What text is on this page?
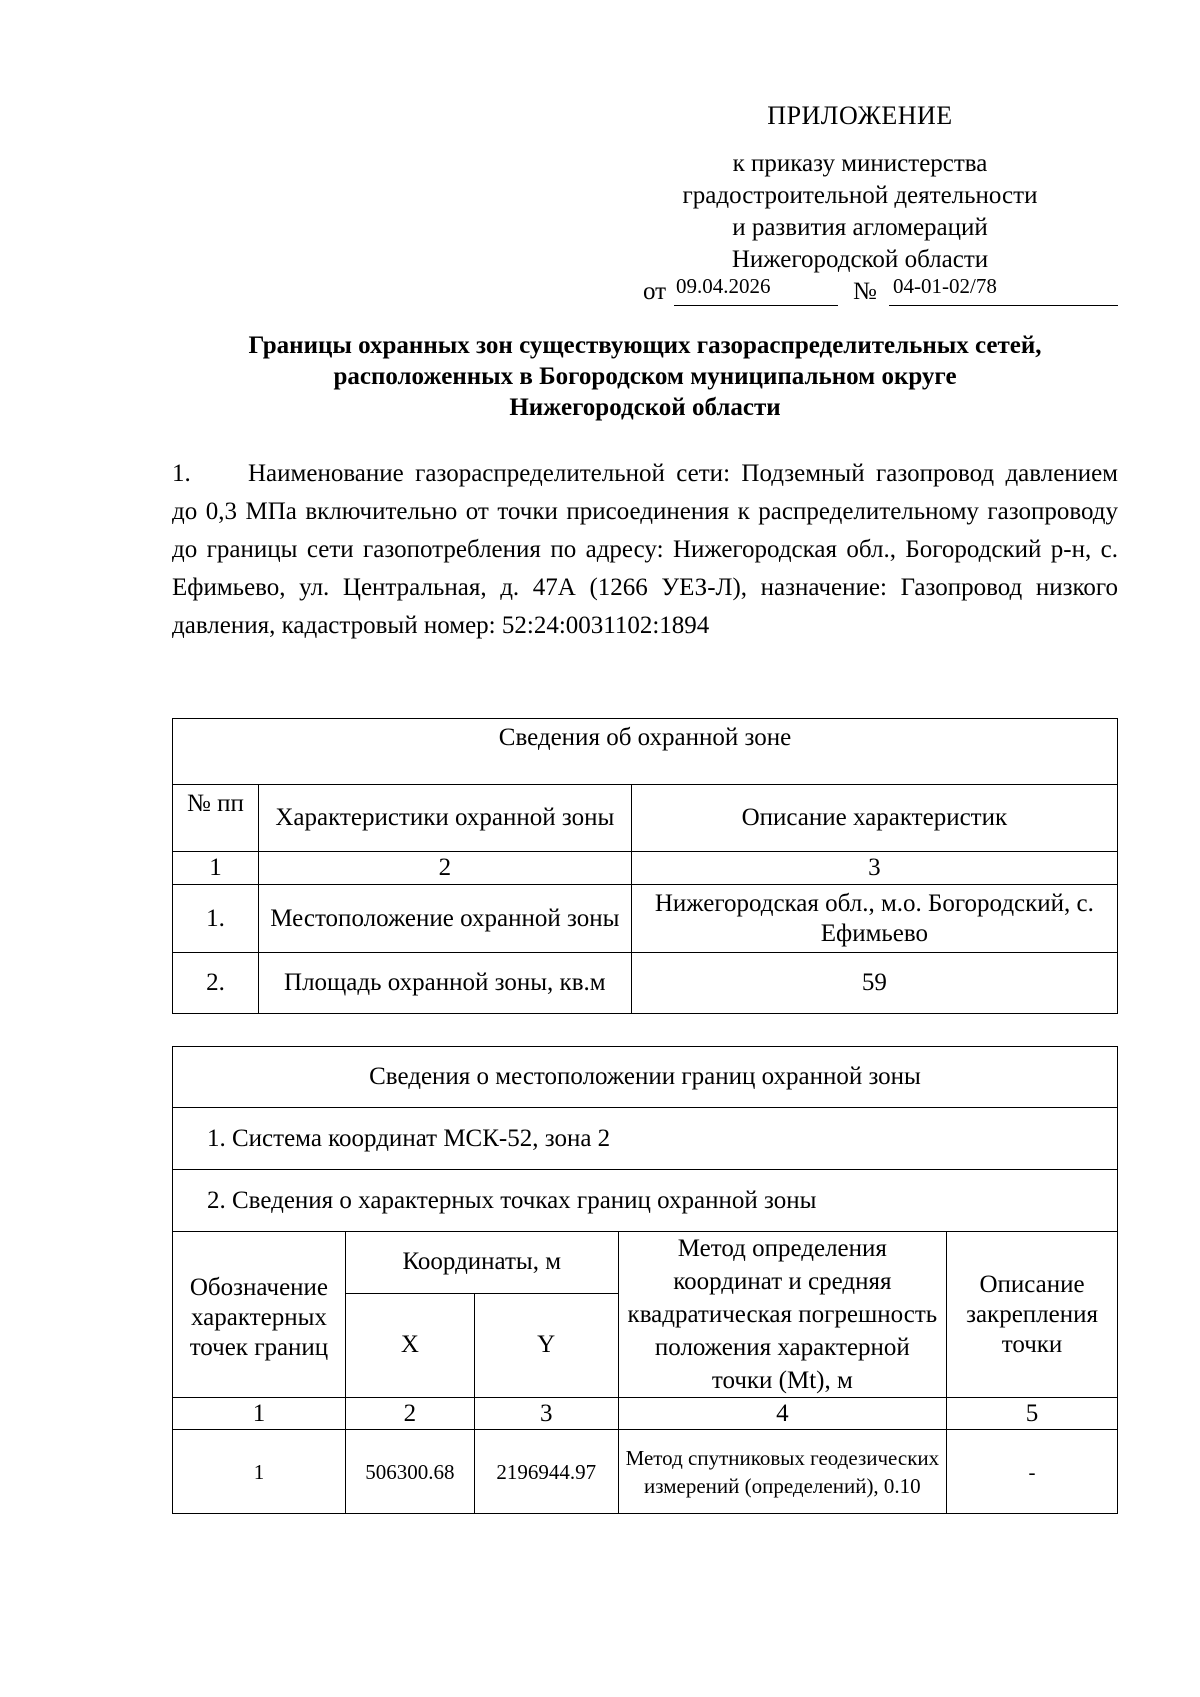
ПРИЛОЖЕНИЕ
к приказу министерства
градостроительной деятельности
и развития агломераций
Нижегородской области
от 09.04.2026	№ 04-01-02/78
Границы охранных зон существующих газораспределительных сетей,
расположенных в Богородском муниципальном округе
Нижегородской области
1. Наименование газораспределительной сети: Подземный газопровод давлением до 0,3 МПа включительно от точки присоединения к распределительному газопроводу до границы сети газопотребления по адресу: Нижегородская обл., Богородский р-н, с. Ефимьево, ул. Центральная, д. 47А (1266 УЕЗ-Л), назначение: Газопровод низкого давления, кадастровый номер: 52:24:0031102:1894
Сведения об охранной зоне		
№ пп	Характеристики охранной зоны	Описание характеристик
1	2	3
1.	Местоположение охранной зоны	Нижегородская обл., м.о. Богородский, с. Ефимьево
2.	Площадь охранной зоны, кв.м	59
Сведения о местоположении границ охранной зоны				
1. Система координат МСК-52, зона 2				
2. Сведения о характерных точках границ охранной зоны				
Обозначение характерных точек границ	Координаты, м		Метод определения координат и средняя квадратическая погрешность положения характерной точки (Mt), м	Описание закрепления точки
	X	Y		
1	2	3	4	5
1	506300.68	2196944.97	Метод спутниковых геодезических измерений (определений), 0.10	-
